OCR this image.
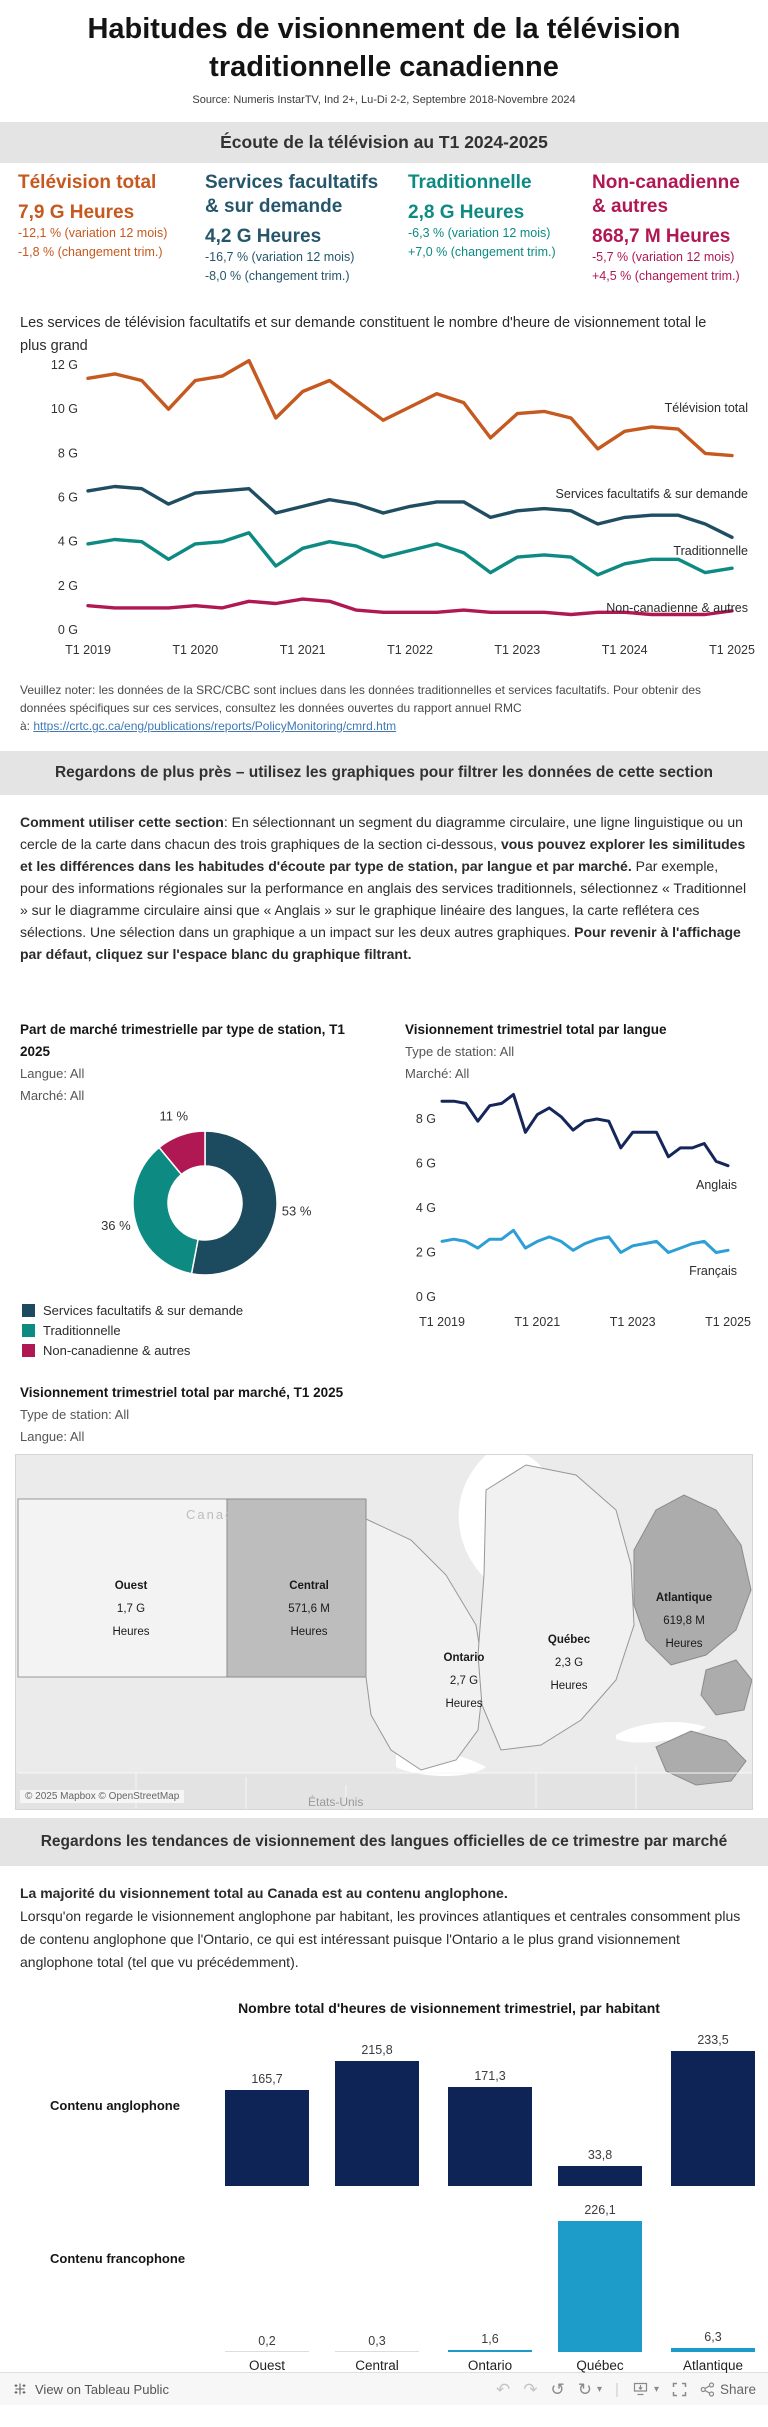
Habitudes de visionnement de la télévision
traditionnelle canadienne
Source: Numeris InstarTV, Ind 2+, Lu-Di 2-2, Septembre 2018-Novembre 2024
Écoute de la télévision au T1 2024-2025
Télévision total
7,9 G Heures
-12,1 % (variation 12 mois)
-1,8 % (changement trim.)
Services facultatifs & sur demande
4,2 G Heures
-16,7 % (variation 12 mois)
-8,0 % (changement trim.)
Traditionnelle
2,8 G Heures
-6,3 % (variation 12 mois)
+7,0 % (changement trim.)
Non-canadienne & autres
868,7 M Heures
-5,7 % (variation 12 mois)
+4,5 % (changement trim.)

Les services de télévision facultatifs et sur demande constituent le nombre d'heure de visionnement total le plus grand

0 G
2 G
4 G
6 G
8 G
10 G
12 G
T1 2019	T1 2020	T1 2021	T1 2022	T1 2023	T1 2024	T1 2025
Télévision total
Services facultatifs & sur demande
Traditionnelle
Non-canadienne & autres

Veuillez noter: les données de la SRC/CBC sont inclues dans les données traditionnelles et services facultatifs. Pour obtenir des données spécifiques sur ces services, consultez les données ouvertes du rapport annuel RMC
à: https://crtc.gc.ca/eng/publications/reports/PolicyMonitoring/cmrd.htm

Regardons de plus près – utilisez les graphiques pour filtrer les données de cette section

Comment utiliser cette section: En sélectionnant un segment du diagramme circulaire, une ligne linguistique ou un cercle de la carte dans chacun des trois graphiques de la section ci-dessous, vous pouvez explorer les similitudes et les différences dans les habitudes d'écoute par type de station, par langue et par marché. Par exemple, pour des informations régionales sur la performance en anglais des services traditionnels, sélectionnez « Traditionnel » sur le diagramme circulaire ainsi que « Anglais » sur le graphique linéaire des langues, la carte reflétera ces sélections. Une sélection dans un graphique a un impact sur les deux autres graphiques. Pour revenir à l'affichage par défaut, cliquez sur l'espace blanc du graphique filtrant.

Part de marché trimestrielle par type de station, T1 2025
Langue: All
Marché: All
53 %
36 %
11 %
Services facultatifs & sur demande
Traditionnelle
Non-canadienne & autres
Visionnement trimestriel total par langue
Type de station: All
Marché: All
0 G
2 G
4 G
6 G
8 G
T1 2019	T1 2021	T1 2023	T1 2025
Anglais
Français
Visionnement trimestriel total par marché, T1 2025
Type de station: All
Langue: All
Canada
Ouest
1,7 G
Heures
Central
571,6 M
Heures
Ontario
2,7 G
Heures
Québec
2,3 G
Heures
Atlantique
619,8 M
Heures
États-Unis
© 2025 Mapbox © OpenStreetMap
Regardons les tendances de visionnement des langues officielles de ce trimestre par marché

La majorité du visionnement total au Canada est au contenu anglophone.
Lorsqu'on regarde le visionnement anglophone par habitant, les provinces atlantiques et centrales consomment plus de contenu anglophone que l'Ontario, ce qui est intéressant puisque l'Ontario a le plus grand visionnement anglophone total (tel que vu précédemment).

Nombre total d'heures de visionnement trimestriel, par habitant
Contenu anglophone
Contenu francophone
165,7
215,8
171,3
33,8
233,5
0,2	0,3	1,6
226,1
6,3
Ouest	Central	Ontario	Québec	Atlantique
View on Tableau Public	↶ ↷ ↺ ↻ ▾ |	▾	Share
